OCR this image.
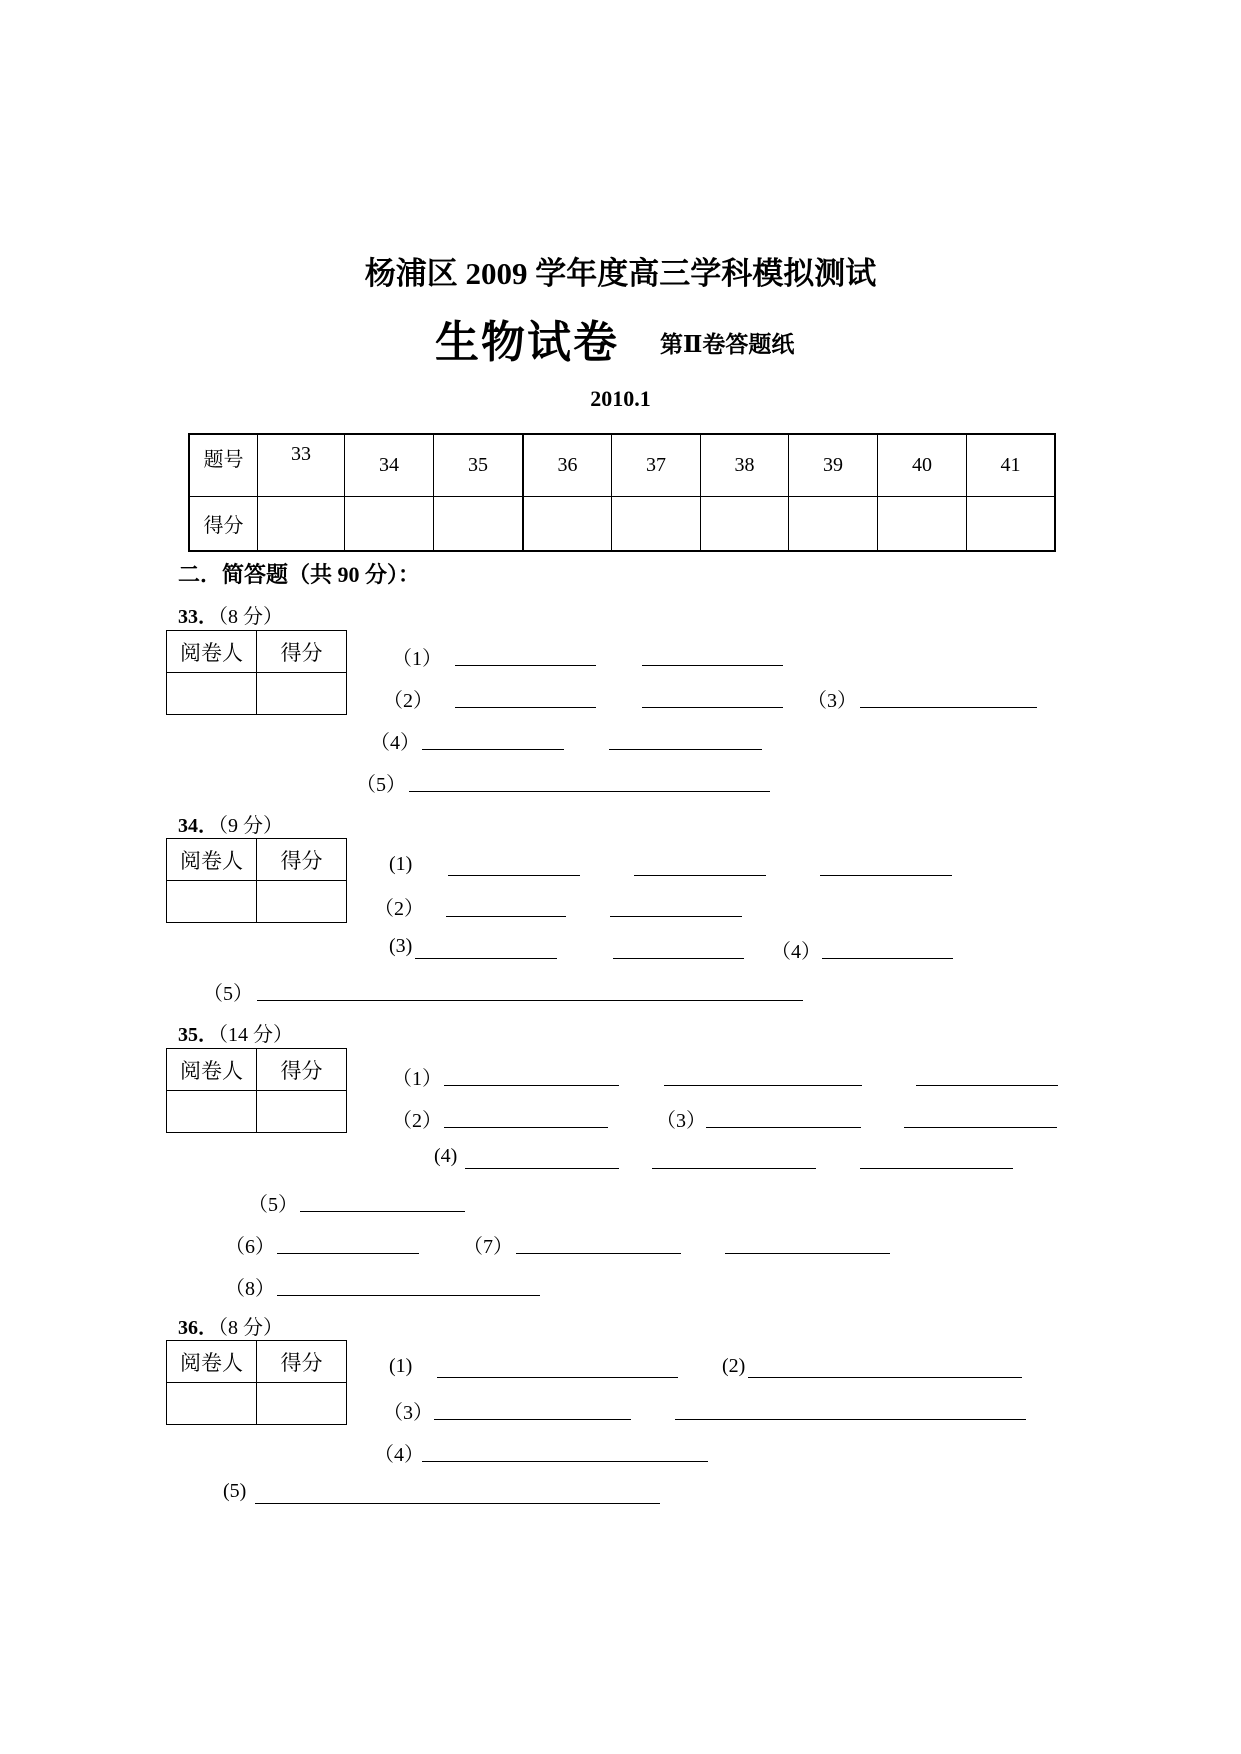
杨浦区 2009 学年度高三学科模拟测试
生物试卷 第Ⅱ卷答题纸
2010.1
题号	33	34	35	36	37	38	39	40	41
得分									
二．简答题（共 90 分）：
33．（8 分）
阅卷人	得分
		（1）
（2）	（3）
（4）
（5）
34．（9 分）
阅卷人	得分
		(1)
（2）
(3)	（4）
（5）
35．（14 分）
阅卷人	得分
		（1）
（2）	（3）
(4)
（5）
（6）	（7）
（8）
36．（8 分）
阅卷人	得分
		(1)	(2)
（3）
（4）
(5)
